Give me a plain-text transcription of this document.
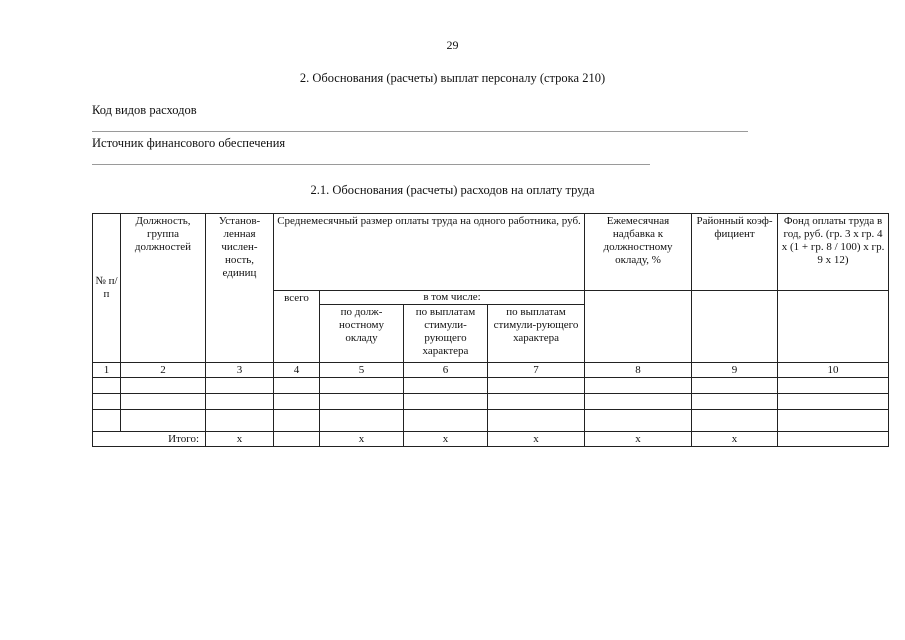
29
2. Обоснования (расчеты) выплат персоналу (строка 210)
Код видов расходов
Источник финансового обеспечения
2.1. Обоснования (расчеты) расходов на оплату труда
№ п/п	Должность, группа должностей	Установ-ленная числен-ность, единиц	Среднемесячный размер оплаты труда на одного работника, руб.				Ежемесячная надбавка к должностному окладу, %	Районный коэф-фициент	Фонд оплаты труда в год, руб. (гр. 3 х гр. 4 х (1 + гр. 8 / 100) х гр. 9 х 12)
			всего	в том числе:					
				по долж-ностному окладу	по выплатам стимули-рующего характера	по выплатам стимули-рующего характера			
1	2	3	4	5	6	7	8	9	10

Итого:		х		х	х	х	х	х	
